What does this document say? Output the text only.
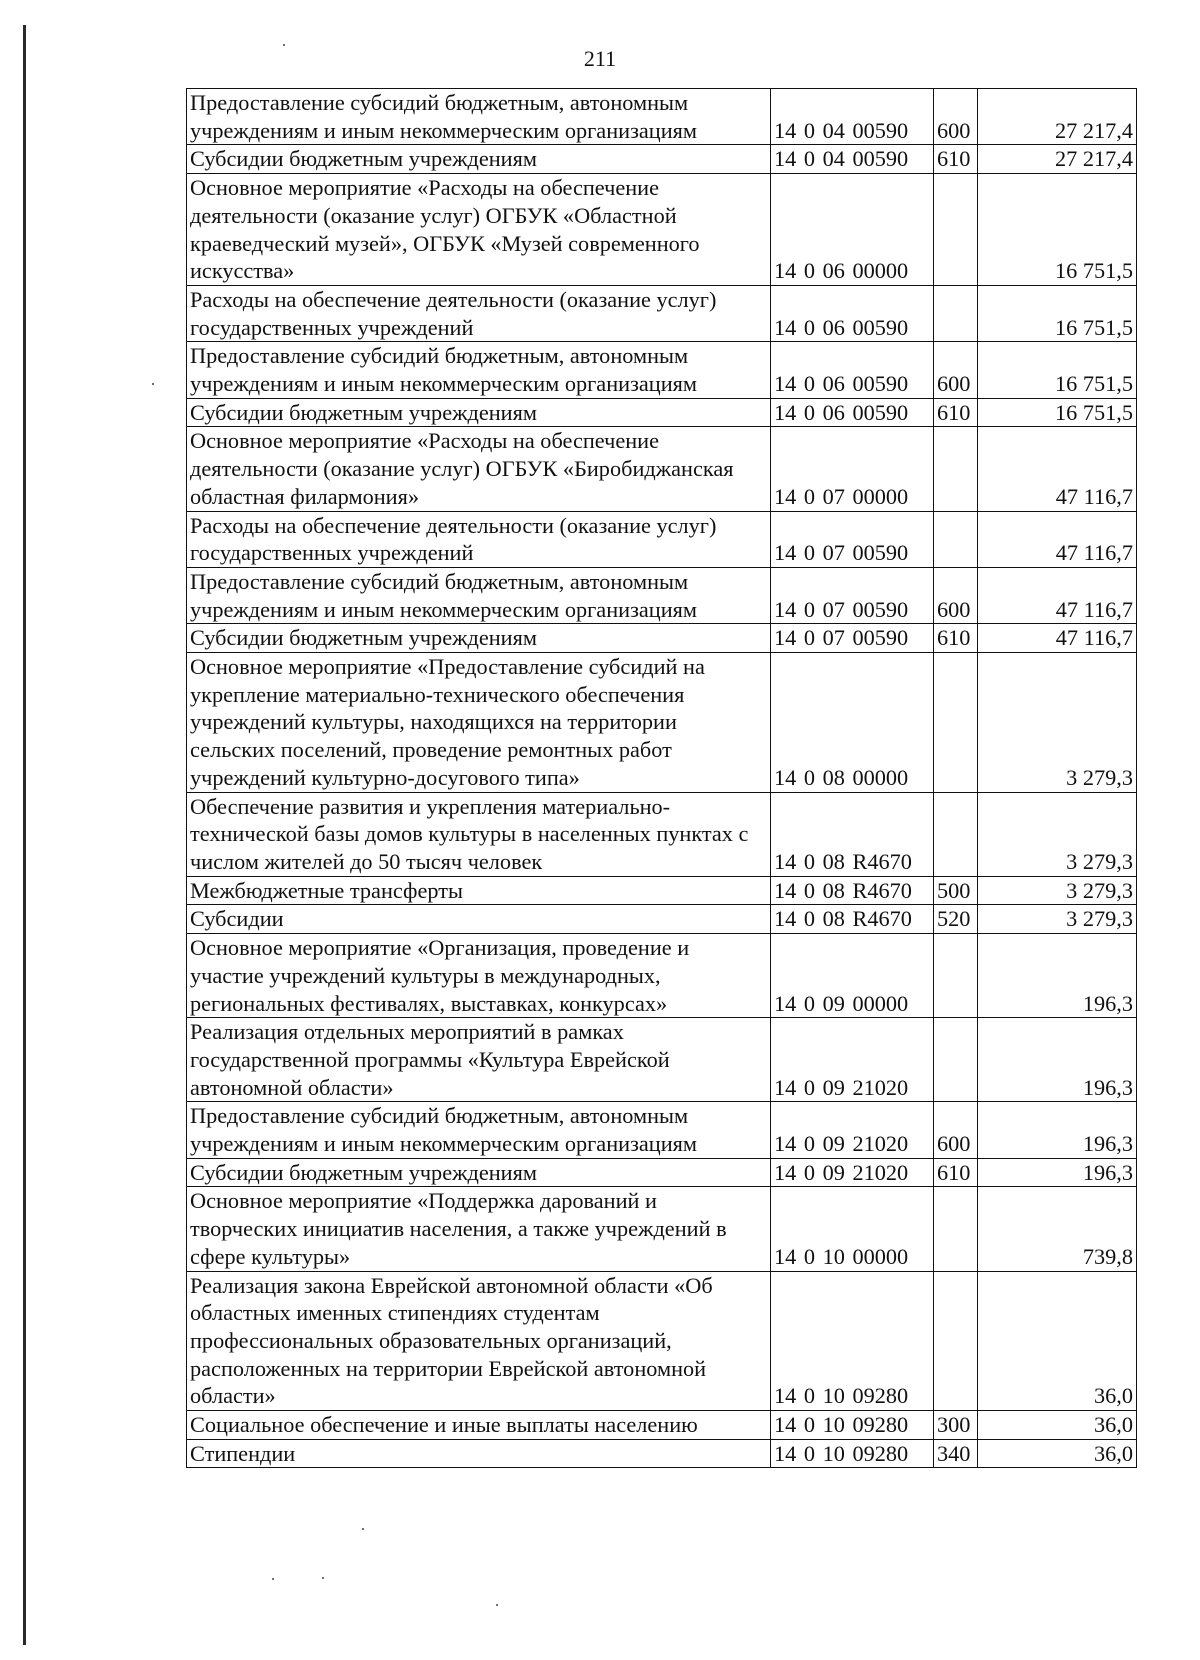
211
Предоставление субсидий бюджетным, автономным учреждениям и иным некоммерческим организациям	14 0 04 00590	600	27 217,4
Субсидии бюджетным учреждениям	14 0 04 00590	610	27 217,4
Основное мероприятие «Расходы на обеспечение деятельности (оказание услуг) ОГБУК «Областной краеведческий музей», ОГБУК «Музей современного искусства»	14 0 06 00000		16 751,5
Расходы на обеспечение деятельности (оказание услуг) государственных учреждений	14 0 06 00590		16 751,5
Предоставление субсидий бюджетным, автономным учреждениям и иным некоммерческим организациям	14 0 06 00590	600	16 751,5
Субсидии бюджетным учреждениям	14 0 06 00590	610	16 751,5
Основное мероприятие «Расходы на обеспечение деятельности (оказание услуг) ОГБУК «Биробиджанская областная филармония»	14 0 07 00000		47 116,7
Расходы на обеспечение деятельности (оказание услуг) государственных учреждений	14 0 07 00590		47 116,7
Предоставление субсидий бюджетным, автономным учреждениям и иным некоммерческим организациям	14 0 07 00590	600	47 116,7
Субсидии бюджетным учреждениям	14 0 07 00590	610	47 116,7
Основное мероприятие «Предоставление субсидий на укрепление материально-технического обеспечения учреждений культуры, находящихся на территории сельских поселений, проведение ремонтных работ учреждений культурно-досугового типа»	14 0 08 00000		3 279,3
Обеспечение развития и укрепления материально-технической базы домов культуры в населенных пунктах с числом жителей до 50 тысяч человек	14 0 08 R4670		3 279,3
Межбюджетные трансферты	14 0 08 R4670	500	3 279,3
Субсидии	14 0 08 R4670	520	3 279,3
Основное мероприятие «Организация, проведение и участие учреждений культуры в международных, региональных фестивалях, выставках, конкурсах»	14 0 09 00000		196,3
Реализация отдельных мероприятий в рамках государственной программы «Культура Еврейской автономной области»	14 0 09 21020		196,3
Предоставление субсидий бюджетным, автономным учреждениям и иным некоммерческим организациям	14 0 09 21020	600	196,3
Субсидии бюджетным учреждениям	14 0 09 21020	610	196,3
Основное мероприятие «Поддержка дарований и творческих инициатив населения, а также учреждений в сфере культуры»	14 0 10 00000		739,8
Реализация закона Еврейской автономной области «Об областных именных стипендиях студентам профессиональных образовательных организаций, расположенных на территории Еврейской автономной области»	14 0 10 09280		36,0
Социальное обеспечение и иные выплаты населению	14 0 10 09280	300	36,0
Стипендии	14 0 10 09280	340	36,0
